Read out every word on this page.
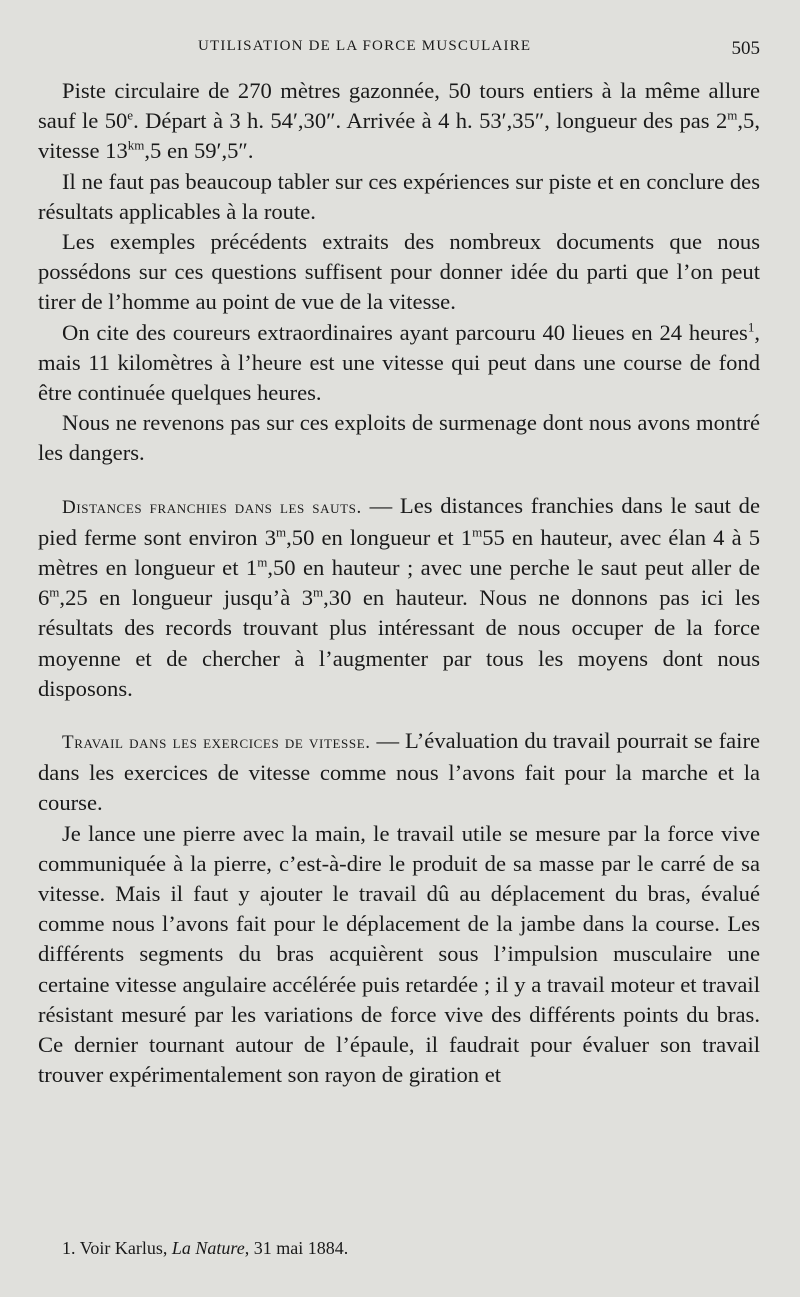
UTILISATION DE LA FORCE MUSCULAIRE	505

Piste circulaire de 270 mètres gazonnée, 50 tours entiers à la même allure sauf le 50e. Départ à 3 h. 54′,30″. Arrivée à 4 h. 53′,35″, longueur des pas 2$^m$,5, vitesse $13^{km},5$ en 59′,5″.

Il ne faut pas beaucoup tabler sur ces expériences sur piste et en conclure des résultats applicables à la route.

Les exemples précédents extraits des nombreux documents que nous possédons sur ces questions suffisent pour donner idée du parti que l’on peut tirer de l’homme au point de vue de la vitesse.

On cite des coureurs extraordinaires ayant parcouru 40 lieues en 24 heures$^1$, mais 11 kilomètres à l’heure est une vitesse qui peut dans une course de fond être continuée quelques heures.

Nous ne revenons pas sur ces exploits de surmenage dont nous avons montré les dangers.

Distances franchies dans les sauts. — Les distances franchies dans le saut de pied ferme sont environ 3$^m$,50 en longueur et 1$^m$55 en hauteur, avec élan 4 à 5 mètres en longueur et 1$^m$,50 en hauteur ; avec une perche le saut peut aller de 6$^m$,25 en longueur jusqu’à 3$^m$,30 en hauteur. Nous ne donnons pas ici les résultats des records trouvant plus intéressant de nous occuper de la force moyenne et de chercher à l’augmenter par tous les moyens dont nous disposons.

Travail dans les exercices de vitesse. — L’évaluation du travail pourrait se faire dans les exercices de vitesse comme nous l’avons fait pour la marche et la course.

Je lance une pierre avec la main, le travail utile se mesure par la force vive communiquée à la pierre, c’est-à-dire le produit de sa masse par le carré de sa vitesse. Mais il faut y ajouter le travail dû au déplacement du bras, évalué comme nous l’avons fait pour le déplacement de la jambe dans la course. Les différents segments du bras acquièrent sous l’impulsion musculaire une certaine vitesse angulaire accélérée puis retardée ; il y a travail moteur et travail résistant mesuré par les variations de force vive des différents points du bras. Ce dernier tournant autour de l’épaule, il faudrait pour évaluer son travail trouver expérimentalement son rayon de giration et

1. Voir Karlus, La Nature, 31 mai 1884.
